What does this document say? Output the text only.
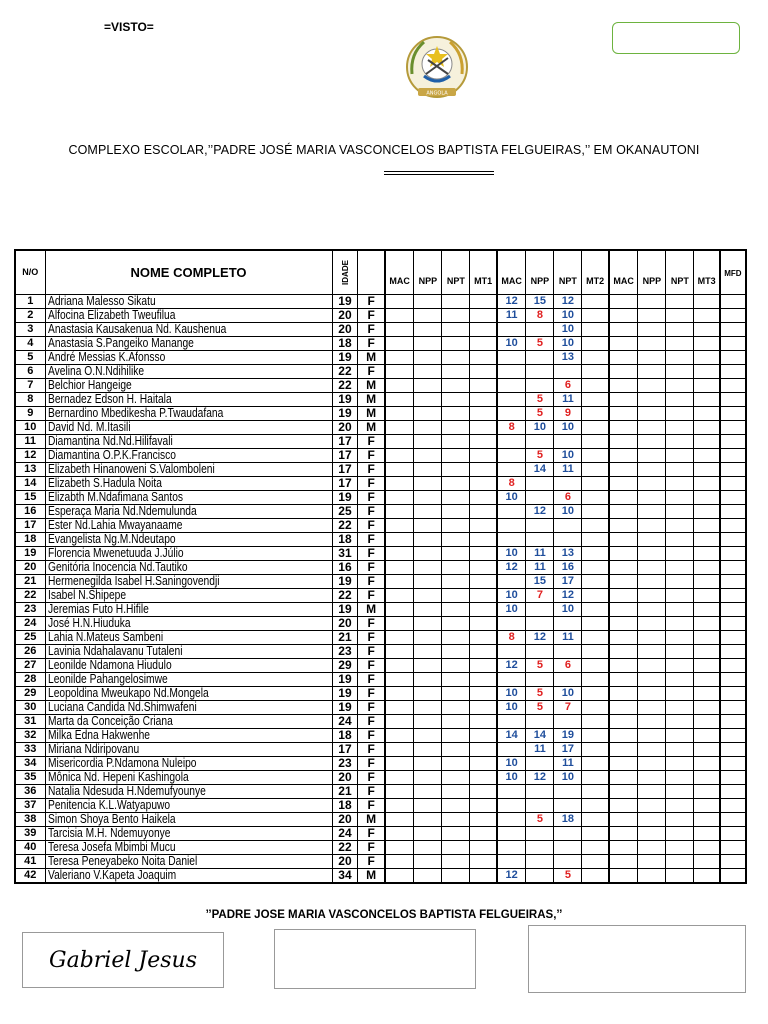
=VISTO=
ANGOLA
COMPLEXO ESCOLAR,’’PADRE JOSÉ MARIA VASCONCELOS BAPTISTA FELGUEIRAS,’’ EM OKANAUTONI
N/O	NOME COMPLETO	IDADE		MAC	NPP	NPT	MT1	MAC	NPP	NPT	MT2	MAC	NPP	NPT	MT3	MFD
1	Adriana Malesso Sikatu	19	F					12	15	12						
2	Alfocina Elizabeth Tweufilua	20	F					11	8	10						
3	Anastasia Kausakenua Nd. Kaushenua	20	F							10						
4	Anastasia S.Pangeiko Manange	18	F					10	5	10						
5	André Messias K.Afonsso	19	M							13						
6	Avelina O.N.Ndihilike	22	F													
7	Belchior Hangeige	22	M							6						
8	Bernadez Edson H. Haitala	19	M						5	11						
9	Bernardino Mbedikesha P.Twaudafana	19	M						5	9						
10	David Nd. M.Itasili	20	M					8	10	10						
11	Diamantina Nd.Nd.Hilifavali	17	F													
12	Diamantina O.P.K.Francisco	17	F						5	10						
13	Elizabeth Hinanoweni S.Valomboleni	17	F						14	11						
14	Elizabeth S.Hadula Noita	17	F					8								
15	Elizabth M.Ndafimana Santos	19	F					10		6						
16	Esperaça Maria Nd.Ndemulunda	25	F						12	10						
17	Ester Nd.Lahia Mwayanaame	22	F													
18	Evangelista Ng.M.Ndeutapo	18	F													
19	Florencia Mwenetuuda J.Júlio	31	F					10	11	13						
20	Genitória Inocencia Nd.Tautiko	16	F					12	11	16						
21	Hermenegilda Isabel H.Saningovendji	19	F						15	17						
22	Isabel N.Shipepe	22	F					10	7	12						
23	Jeremias Futo H.Hifile	19	M					10		10						
24	José H.N.Hiuduka	20	F													
25	Lahia N.Mateus Sambeni	21	F					8	12	11						
26	Lavinia Ndahalavanu Tutaleni	23	F													
27	Leonilde Ndamona Hiudulo	29	F					12	5	6						
28	Leonilde Pahangelosimwe	19	F													
29	Leopoldina Mweukapo Nd.Mongela	19	F					10	5	10						
30	Luciana Candida Nd.Shimwafeni	19	F					10	5	7						
31	Marta da Conceição Criana	24	F													
32	Milka Edna Hakwenhe	18	F					14	14	19						
33	Miriana Ndiripovanu	17	F						11	17						
34	Misericordia P.Ndamona Nuleipo	23	F					10		11						
35	Mônica Nd. Hepeni Kashingola	20	F					10	12	10						
36	Natalia Ndesuda H.Ndemufyounye	21	F													
37	Penitencia K.L.Watyapuwo	18	F													
38	Simon Shoya Bento Haikela	20	M						5	18						
39	Tarcisia M.H. Ndemuyonye	24	F													
40	Teresa Josefa Mbimbi Mucu	22	F													
41	Teresa Peneyabeko Noita Daniel	20	F													
42	Valeriano V.Kapeta Joaquim	34	M					12		5						
’’PADRE JOSE MARIA VASCONCELOS BAPTISTA FELGUEIRAS,’’
Gabriel Jesus
